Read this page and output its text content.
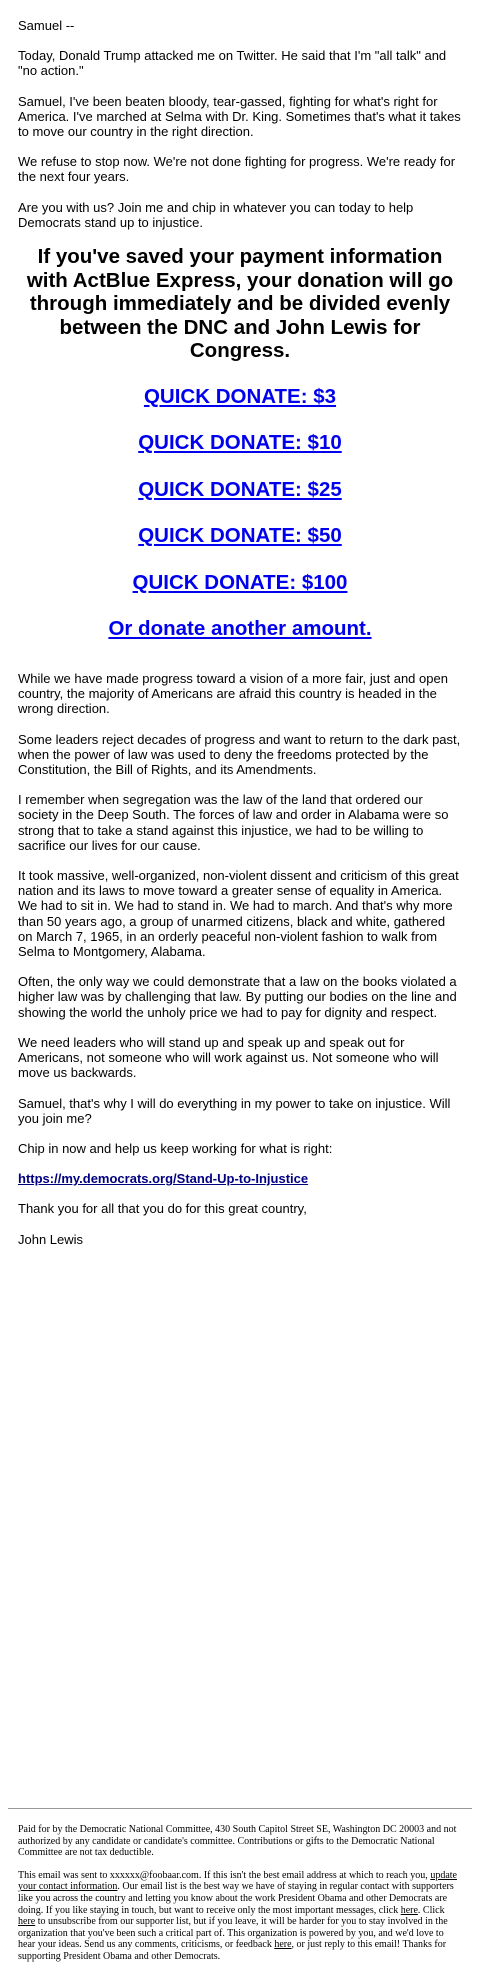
Samuel --

Today, Donald Trump attacked me on Twitter. He said that I'm "all talk" and "no action."

Samuel, I've been beaten bloody, tear-gassed, fighting for what's right for America. I've marched at Selma with Dr. King. Sometimes that's what it takes to move our country in the right direction.

We refuse to stop now. We're not done fighting for progress. We're ready for the next four years.

Are you with us? Join me and chip in whatever you can today to help Democrats stand up to injustice.

If you've saved your payment information with ActBlue Express, your donation will go through immediately and be divided evenly between the DNC and John Lewis for Congress.
QUICK DONATE: $3
QUICK DONATE: $10
QUICK DONATE: $25
QUICK DONATE: $50
QUICK DONATE: $100
Or donate another amount.

While we have made progress toward a vision of a more fair, just and open country, the majority of Americans are afraid this country is headed in the wrong direction.

Some leaders reject decades of progress and want to return to the dark past, when the power of law was used to deny the freedoms protected by the Constitution, the Bill of Rights, and its Amendments.

I remember when segregation was the law of the land that ordered our society in the Deep South. The forces of law and order in Alabama were so strong that to take a stand against this injustice, we had to be willing to sacrifice our lives for our cause.

It took massive, well-organized, non-violent dissent and criticism of this great nation and its laws to move toward a greater sense of equality in America. We had to sit in. We had to stand in. We had to march. And that's why more than 50 years ago, a group of unarmed citizens, black and white, gathered on March 7, 1965, in an orderly peaceful non-violent fashion to walk from Selma to Montgomery, Alabama.

Often, the only way we could demonstrate that a law on the books violated a higher law was by challenging that law. By putting our bodies on the line and showing the world the unholy price we had to pay for dignity and respect.

We need leaders who will stand up and speak up and speak out for Americans, not someone who will work against us. Not someone who will move us backwards.

Samuel, that's why I will do everything in my power to take on injustice. Will you join me?

Chip in now and help us keep working for what is right:

https://my.democrats.org/Stand-Up-to-Injustice

Thank you for all that you do for this great country,

John Lewis

Paid for by the Democratic National Committee, 430 South Capitol Street SE, Washington DC 20003 and not authorized by any candidate or candidate's committee. Contributions or gifts to the Democratic National Committee are not tax deductible.

This email was sent to xxxxxx@foobaar.com. If this isn't the best email address at which to reach you, update your contact information. Our email list is the best way we have of staying in regular contact with supporters like you across the country and letting you know about the work President Obama and other Democrats are doing. If you like staying in touch, but want to receive only the most important messages, click here. Click here to unsubscribe from our supporter list, but if you leave, it will be harder for you to stay involved in the organization that you've been such a critical part of. This organization is powered by you, and we'd love to hear your ideas. Send us any comments, criticisms, or feedback here, or just reply to this email! Thanks for supporting President Obama and other Democrats.
